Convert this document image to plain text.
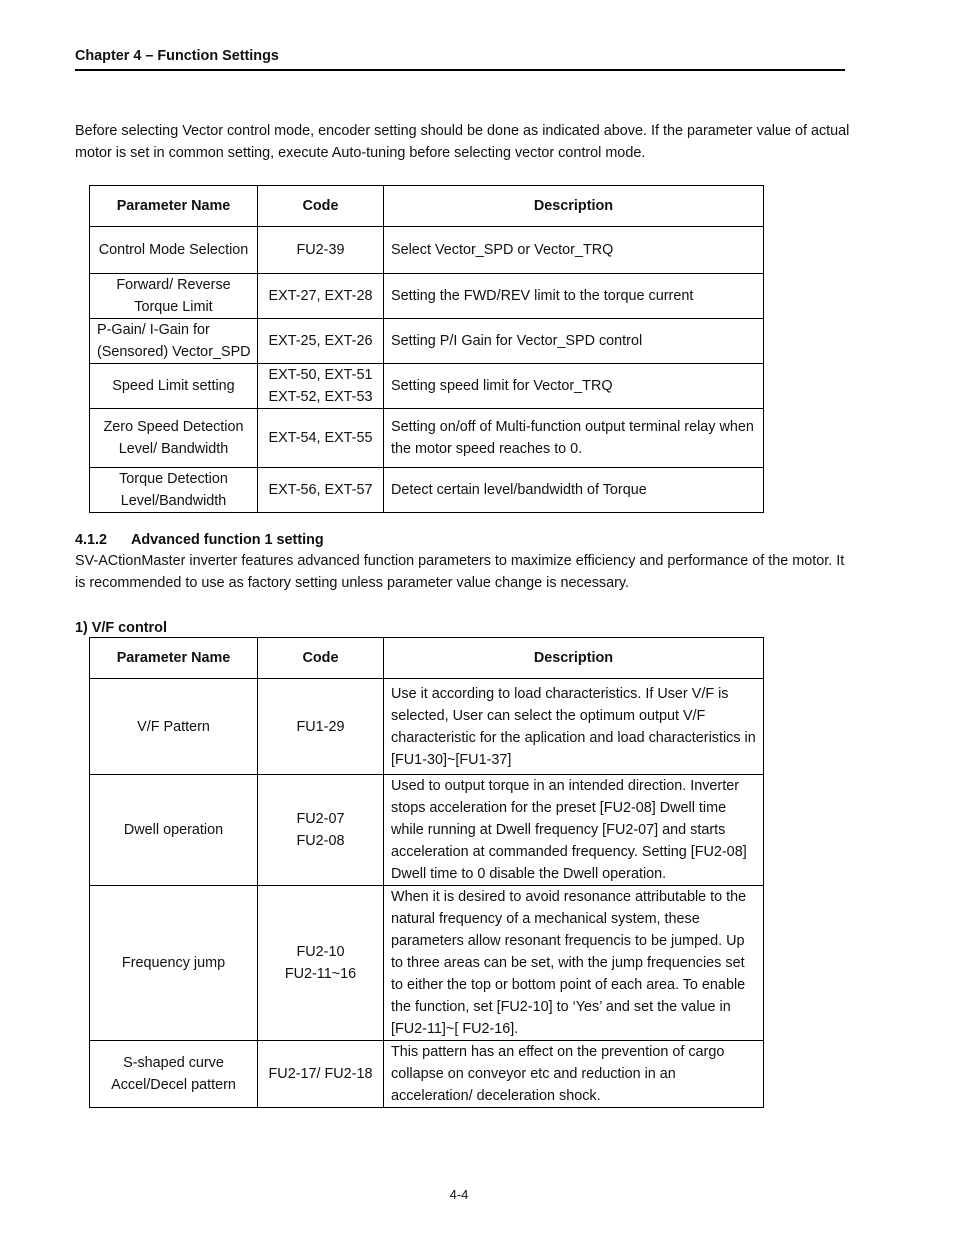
Chapter 4 – Function Settings

Before selecting Vector control mode, encoder setting should be done as indicated above. If the parameter value of actual motor is set in common setting, execute Auto-tuning before selecting vector control mode.

Parameter Name	Code	Description
Control Mode Selection	FU2-39	Select Vector_SPD or Vector_TRQ
Forward/ Reverse Torque Limit	EXT-27, EXT-28	Setting the FWD/REV limit to the torque current
P-Gain/ I-Gain for (Sensored) Vector_SPD	EXT-25, EXT-26	Setting P/I Gain for Vector_SPD control
Speed Limit setting	EXT-50, EXT-51 EXT-52, EXT-53	Setting speed limit for Vector_TRQ
Zero Speed Detection Level/ Bandwidth	EXT-54, EXT-55	Setting on/off of Multi-function output terminal relay when the motor speed reaches to 0.
Torque Detection Level/Bandwidth	EXT-56, EXT-57	Detect certain level/bandwidth of Torque
4.1.2 Advanced function 1 setting

SV-ACtionMaster inverter features advanced function parameters to maximize efficiency and performance of the motor. It is recommended to use as factory setting unless parameter value change is necessary.

1) V/F control
Parameter Name	Code	Description
V/F Pattern	FU1-29	Use it according to load characteristics. If User V/F is selected, User can select the optimum output V/F characteristic for the aplication and load characteristics in [FU1-30]~[FU1-37]
Dwell operation	FU2-07 FU2-08	Used to output torque in an intended direction. Inverter stops acceleration for the preset [FU2-08] Dwell time while running at Dwell frequency [FU2-07] and starts acceleration at commanded frequency. Setting [FU2-08] Dwell time to 0 disable the Dwell operation.
Frequency jump	FU2-10 FU2-11~16	When it is desired to avoid resonance attributable to the natural frequency of a mechanical system, these parameters allow resonant frequencis to be jumped. Up to three areas can be set, with the jump frequencies set to either the top or bottom point of each area. To enable the function, set [FU2-10] to ‘Yes’ and set the value in [FU2-11]~[ FU2-16].
S-shaped curve Accel/Decel pattern	FU2-17/ FU2-18	This pattern has an effect on the prevention of cargo collapse on conveyor etc and reduction in an acceleration/ deceleration shock.
4-4
